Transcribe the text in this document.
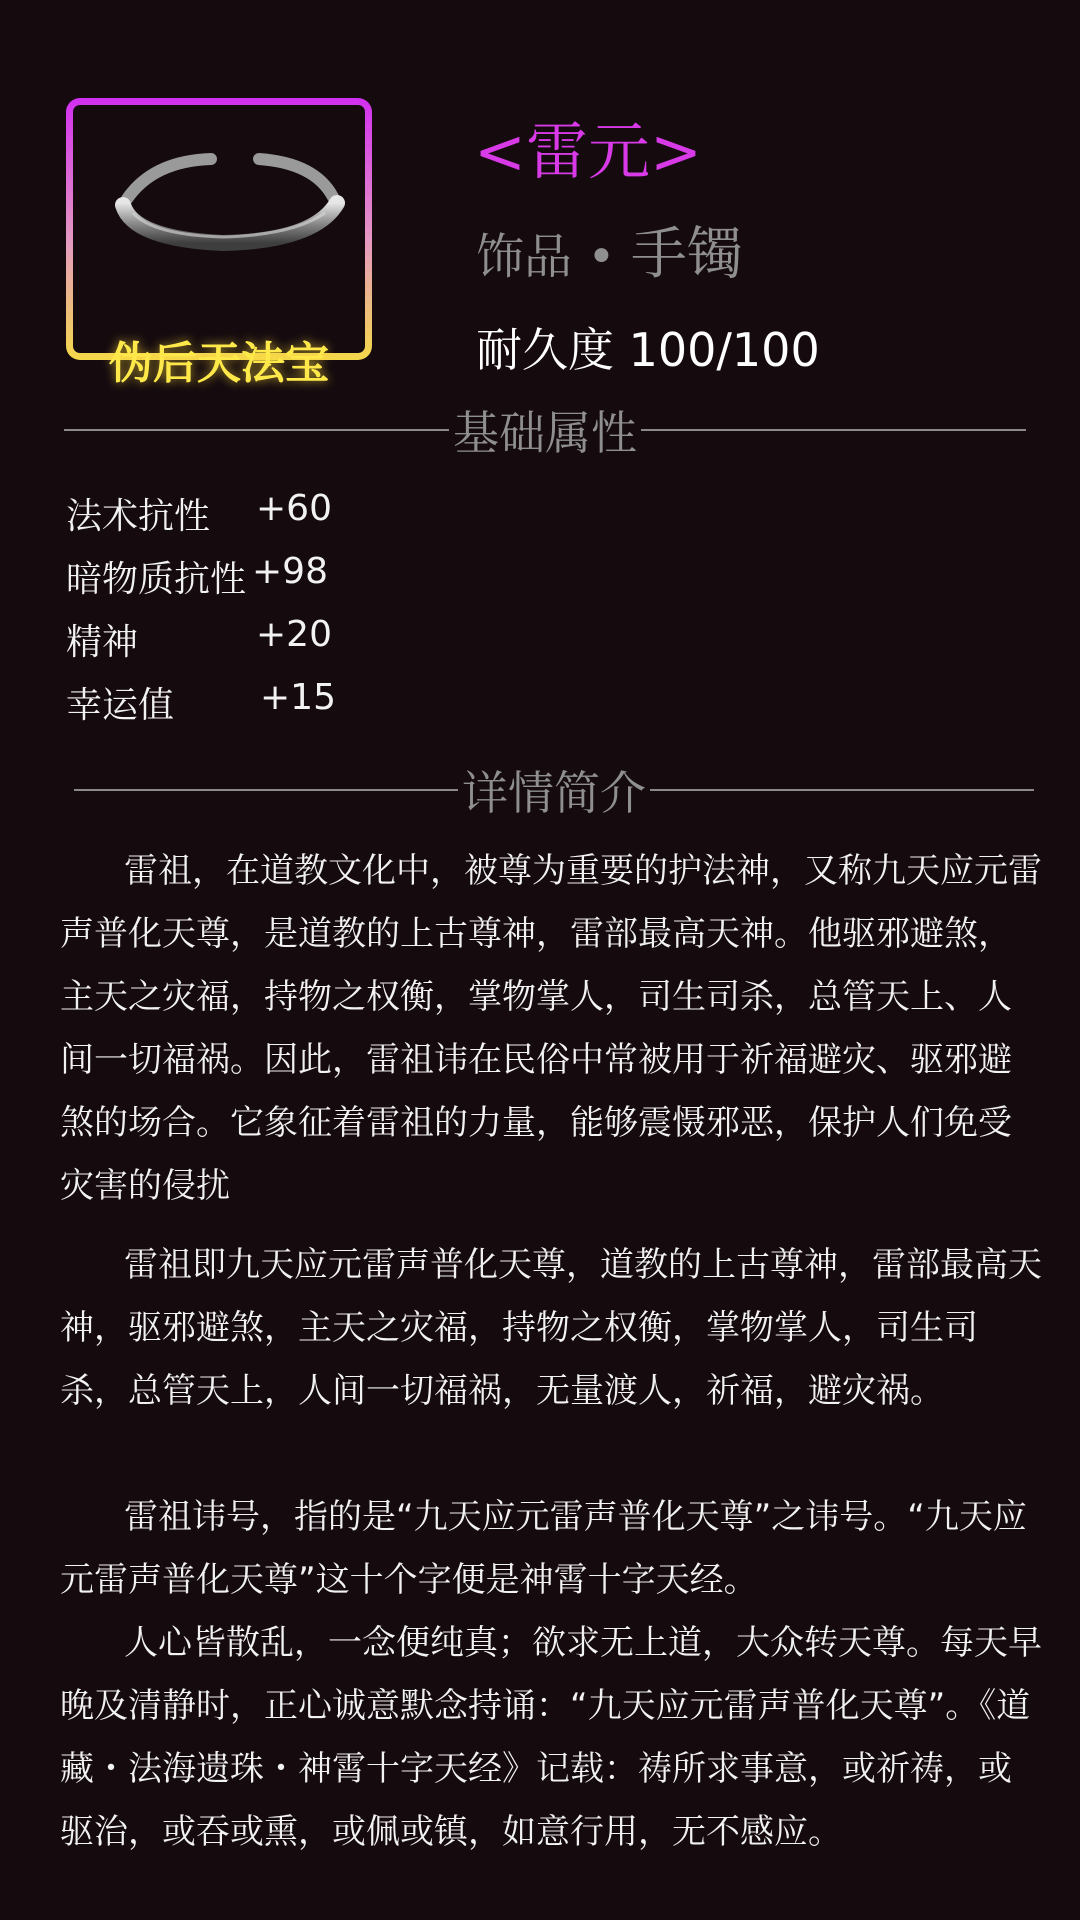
伪后天法宝
<雷元>
饰品 • 手镯
耐久度 100/100
基础属性
法术抗性 +60
暗物质抗性 +98
精神	+20
幸运值 +15
详情简介

雷祖，在道教文化中，被尊为重要的护法神，又称九天应元雷声普化天尊，是道教的上古尊神，雷部最高天神。他驱邪避煞，主天之灾福，持物之权衡，掌物掌人，司生司杀，总管天上、人间一切福祸。因此，雷祖讳在民俗中常被用于祈福避灾、驱邪避煞的场合。它象征着雷祖的力量，能够震慑邪恶，保护人们免受灾害的侵扰

雷祖即九天应元雷声普化天尊，道教的上古尊神，雷部最高天神，驱邪避煞，主天之灾福，持物之权衡，掌物掌人，司生司杀，总管天上，人间一切福祸，无量渡人，祈福，避灾祸。

雷祖讳号，指的是“九天应元雷声普化天尊”之讳号。“九天应元雷声普化天尊”这十个字便是神霄十字天经。

人心皆散乱，一念便纯真；欲求无上道，大众转天尊。每天早晚及清静时，正心诚意默念持诵：“九天应元雷声普化天尊”。《道藏・法海遗珠・神霄十字天经》记载：祷所求事意，或祈祷，或驱治，或吞或熏，或佩或镇，如意行用，无不感应。
